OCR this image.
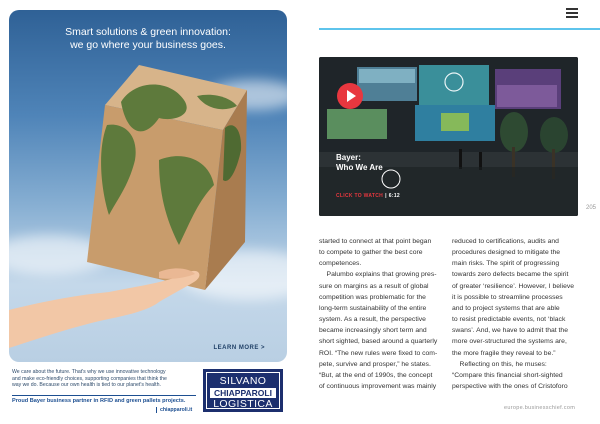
Smart solutions & green innovation:
we go where your business goes.
LEARN MORE >
We care about the future. That's why we use innovative technology
and make eco-friendly choices, supporting companies that think the
way we do. Because our own health is tied to our planet's health.
Proud Bayer business partner in RFID and green pallets projects.
chiapparoli.it
SILVANO
CHIAPPAROLI
LOGISTICA
Bayer:
Who We Are
CLICK TO WATCH | 6:12
205
started to connect at that point began
to compete to gather the best core
competences.
Palumbo explains that growing pres-
sure on margins as a result of global
competition was problematic for the
long-term sustainability of the entire
system. As a result, the perspective
became increasingly short term and
short sighted, based around a quarterly
ROI. “The new rules were fixed to com-
pete, survive and prosper,” he states.
“But, at the end of 1990s, the concept
of continuous improvement was mainly
reduced to certifications, audits and
procedures designed to mitigate the
main risks. The spirit of progressing
towards zero defects became the spirit
of greater ‘resilience’. However, I believe
it is possible to streamline processes
and to project systems that are able
to resist predictable events, not ‘black
swans’. And, we have to admit that the
more over-structured the systems are,
the more fragile they reveal to be.”
Reflecting on this, he muses:
“Compare this financial short-sighted
perspective with the ones of Cristoforo
europe.businesschief.com
